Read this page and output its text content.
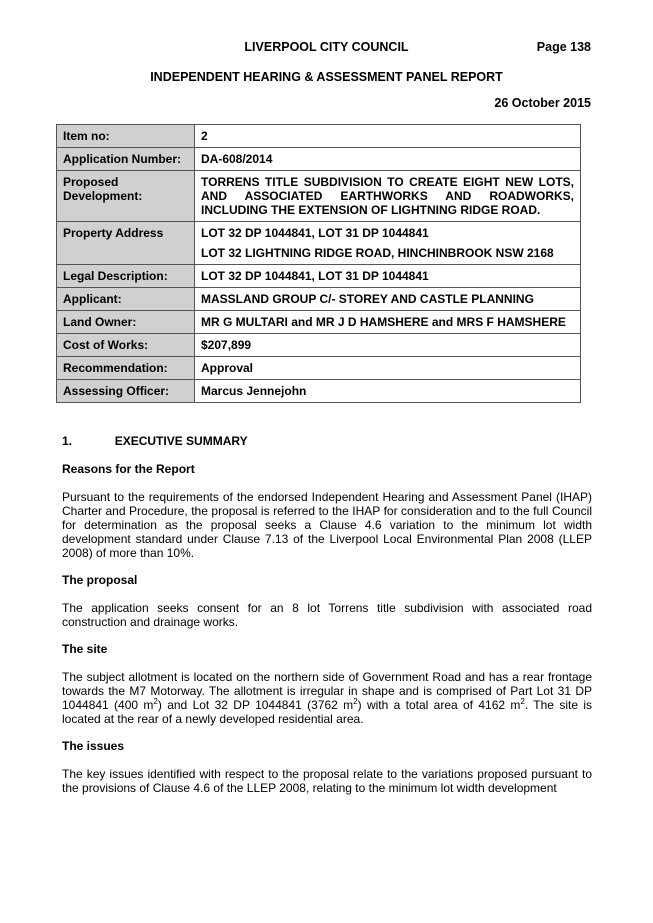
LIVERPOOL CITY COUNCIL	Page 138
INDEPENDENT HEARING & ASSESSMENT PANEL REPORT
26 October 2015
Item no:	2
Application Number:	DA-608/2014
Proposed Development:	TORRENS TITLE SUBDIVISION TO CREATE EIGHT NEW LOTS, AND ASSOCIATED EARTHWORKS AND ROADWORKS, INCLUDING THE EXTENSION OF LIGHTNING RIDGE ROAD.
Property Address	LOT 32 DP 1044841, LOT 31 DP 1044841
LOT 32 LIGHTNING RIDGE ROAD, HINCHINBROOK NSW 2168

Legal Description:	LOT 32 DP 1044841, LOT 31 DP 1044841
Applicant:	MASSLAND GROUP C/- STOREY AND CASTLE PLANNING
Land Owner:	MR G MULTARI and MR J D HAMSHERE and MRS F HAMSHERE
Cost of Works:	$207,899
Recommendation:	Approval
Assessing Officer:	Marcus Jennejohn
1.	EXECUTIVE SUMMARY
Reasons for the Report
Pursuant to the requirements of the endorsed Independent Hearing and Assessment Panel (IHAP) Charter and Procedure, the proposal is referred to the IHAP for consideration and to the full Council for determination as the proposal seeks a Clause 4.6 variation to the minimum lot width development standard under Clause 7.13 of the Liverpool Local Environmental Plan 2008 (LLEP 2008) of more than 10%.
The proposal
The application seeks consent for an 8 lot Torrens title subdivision with associated road construction and drainage works.
The site
The subject allotment is located on the northern side of Government Road and has a rear frontage towards the M7 Motorway. The allotment is irregular in shape and is comprised of Part Lot 31 DP 1044841 (400 $m^2$) and Lot 32 DP 1044841 (3762 $m^2$) with a total area of 4162 $m^2$. The site is located at the rear of a newly developed residential area.
The issues
The key issues identified with respect to the proposal relate to the variations proposed pursuant to the provisions of Clause 4.6 of the LLEP 2008, relating to the minimum lot width development
